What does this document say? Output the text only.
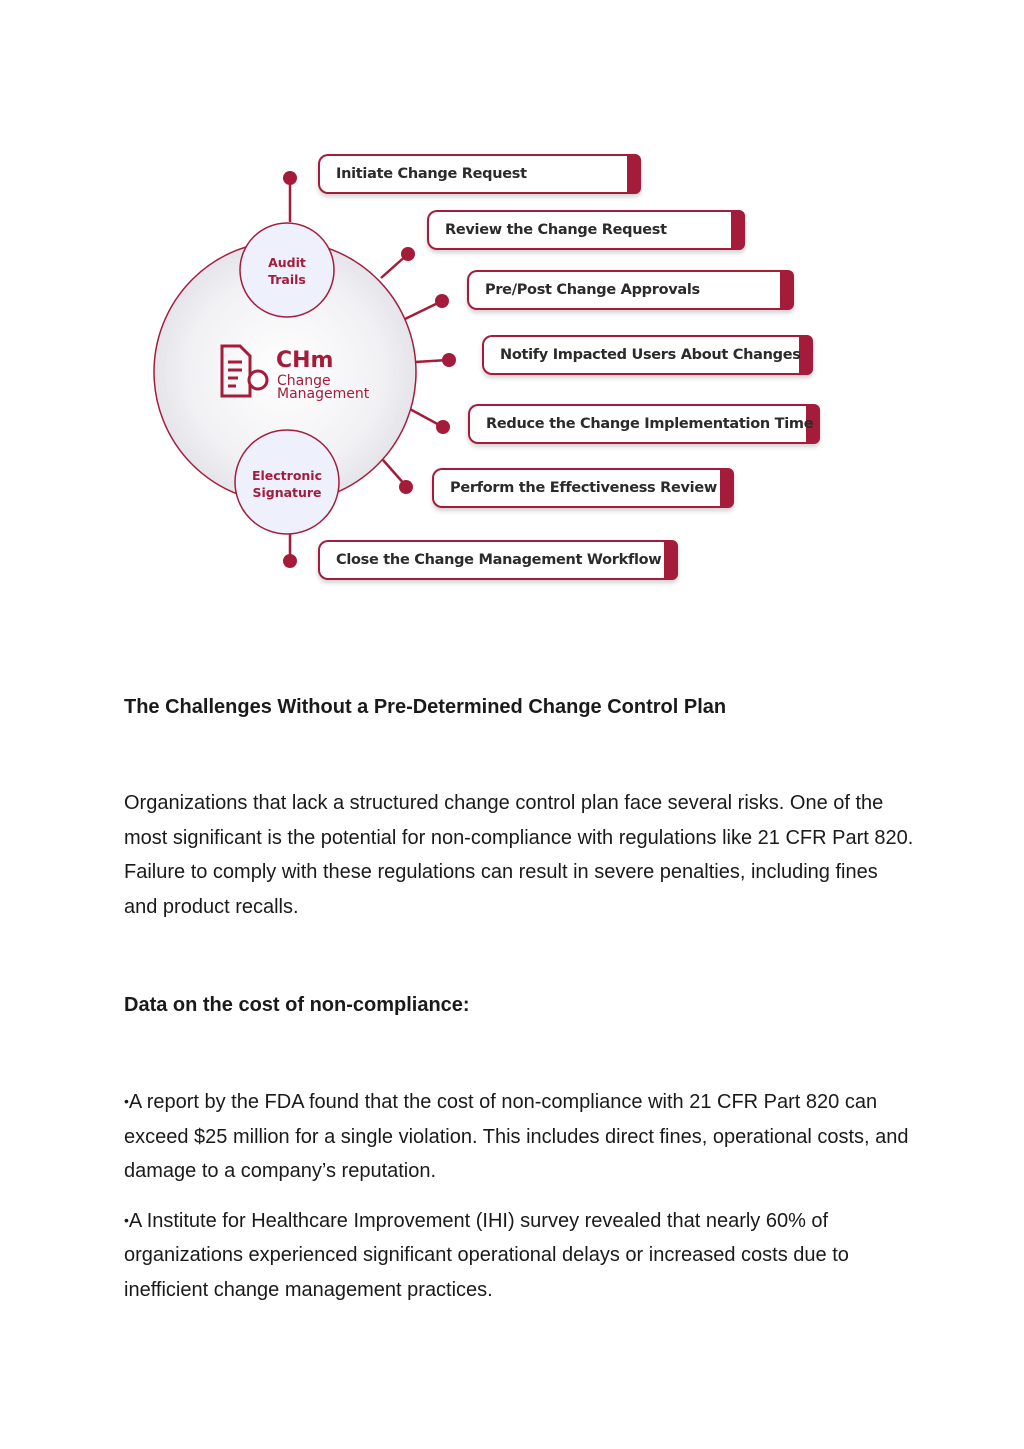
Audit
Trails
Electronic
Signature
CHm
Change
Management
Initiate Change Request
Review the Change Request
Pre/Post Change Approvals
Notify Impacted Users About Changes
Reduce the Change Implementation Time
Perform the Effectiveness Review
Close the Change Management Workflow
The Challenges Without a Pre-Determined Change Control Plan

Organizations that lack a structured change control plan face several risks. One of the most significant is the potential for non-compliance with regulations like 21 CFR Part 820. Failure to comply with these regulations can result in severe penalties, including fines and product recalls.

Data on the cost of non-compliance:
•A report by the FDA found that the cost of non-compliance with 21 CFR Part 820 can exceed $25 million for a single violation. This includes direct fines, operational costs, and damage to a company’s reputation.
•A Institute for Healthcare Improvement (IHI) survey revealed that nearly 60% of organizations experienced significant operational delays or increased costs due to inefficient change management practices.
